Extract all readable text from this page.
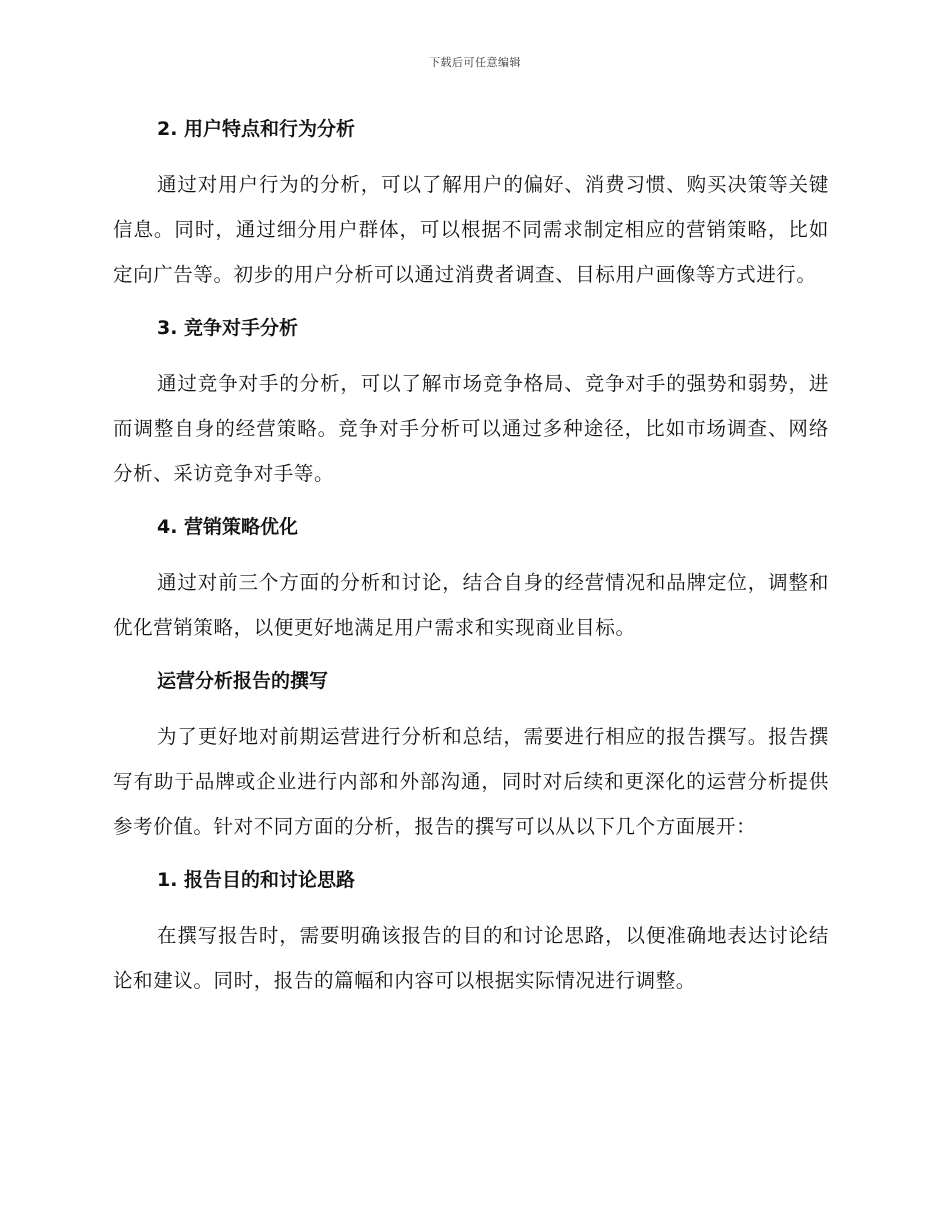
下载后可任意编辑
2. 用户特点和行为分析

通过对用户行为的分析，可以了解用户的偏好、消费习惯、购买决策等关键信息。同时，通过细分用户群体，可以根据不同需求制定相应的营销策略，比如定向广告等。初步的用户分析可以通过消费者调查、目标用户画像等方式进行。

3. 竞争对手分析

通过竞争对手的分析，可以了解市场竞争格局、竞争对手的强势和弱势，进而调整自身的经营策略。竞争对手分析可以通过多种途径，比如市场调查、网络分析、采访竞争对手等。

4. 营销策略优化

通过对前三个方面的分析和讨论，结合自身的经营情况和品牌定位，调整和优化营销策略，以便更好地满足用户需求和实现商业目标。

运营分析报告的撰写

为了更好地对前期运营进行分析和总结，需要进行相应的报告撰写。报告撰写有助于品牌或企业进行内部和外部沟通，同时对后续和更深化的运营分析提供参考价值。针对不同方面的分析，报告的撰写可以从以下几个方面展开：

1. 报告目的和讨论思路

在撰写报告时，需要明确该报告的目的和讨论思路，以便准确地表达讨论结论和建议。同时，报告的篇幅和内容可以根据实际情况进行调整。
